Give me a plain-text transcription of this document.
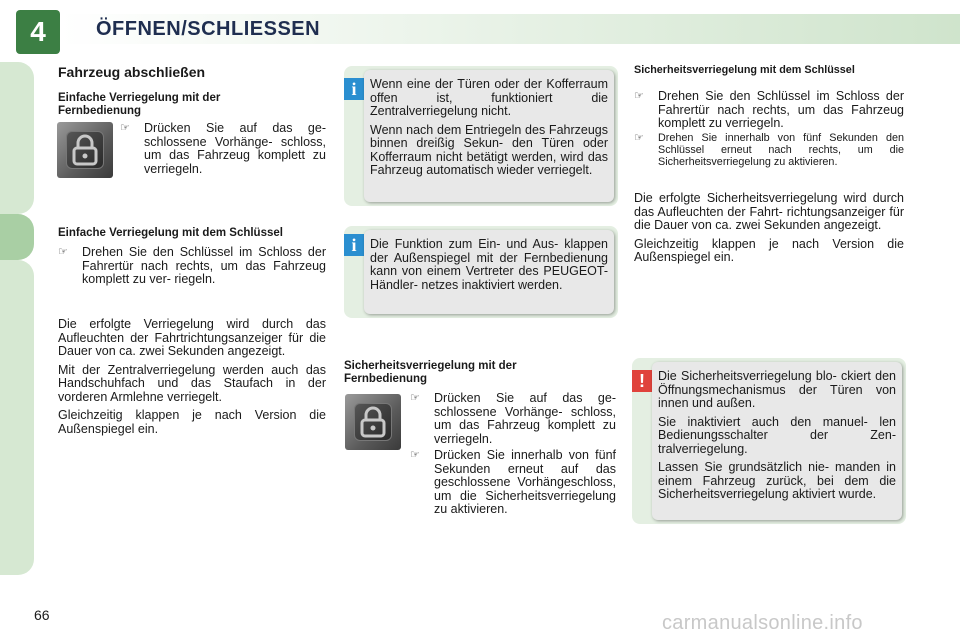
4	ÖFFNEN/SCHLIESSEN
Fahrzeug abschließen
Einfache Verriegelung mit der Fernbedienung
☞	Drücken Sie auf das ge- schlossene Vorhänge- schloss, um das Fahrzeug komplett zu verriegeln.
Einfache Verriegelung mit dem Schlüssel
☞	Drehen Sie den Schlüssel im Schloss der Fahrertür nach rechts, um das Fahrzeug komplett zu ver- riegeln.

Die erfolgte Verriegelung wird durch das Aufleuchten der Fahrtrichtungsanzeiger für die Dauer von ca. zwei Sekunden angezeigt.

Mit der Zentralverriegelung werden auch das Handschuhfach und das Staufach in der vorderen Armlehne verriegelt.

Gleichzeitig klappen je nach Version die Außenspiegel ein.

i	Wenn eine der Türen oder der Kofferraum offen ist, funktioniert die Zentralverriegelung nicht.

Wenn nach dem Entriegeln des Fahrzeugs binnen dreißig Sekun- den Türen oder Kofferraum nicht betätigt werden, wird das Fahrzeug automatisch wieder verriegelt.

i	Die Funktion zum Ein- und Aus- klappen der Außenspiegel mit der Fernbedienung kann von einem Vertreter des PEUGEOT-Händler- netzes inaktiviert werden.
Sicherheitsverriegelung mit der Fernbedienung
☞	Drücken Sie auf das ge- schlossene Vorhänge- schloss, um das Fahrzeug komplett zu verriegeln.
☞	Drücken Sie innerhalb von fünf Sekunden erneut auf das geschlossene Vorhängeschloss, um die Sicherheitsverriegelung zu aktivieren.
Sicherheitsverriegelung mit dem Schlüssel
☞	Drehen Sie den Schlüssel im Schloss der Fahrertür nach rechts, um das Fahrzeug komplett zu verriegeln.
☞	Drehen Sie innerhalb von fünf Sekunden den Schlüssel erneut nach rechts, um die Sicherheitsverriegelung zu aktivieren.

Die erfolgte Sicherheitsverriegelung wird durch das Aufleuchten der Fahrt- richtungsanzeiger für die Dauer von ca. zwei Sekunden angezeigt.

Gleichzeitig klappen je nach Version die Außenspiegel ein.

!	Die Sicherheitsverriegelung blo- ckiert den Öffnungsmechanismus der Türen von innen und außen.

Sie inaktiviert auch den manuel- len Bedienungsschalter der Zen- tralverriegelung.

Lassen Sie grundsätzlich nie- manden in einem Fahrzeug zurück, bei dem die Sicherheitsverriegelung aktiviert wurde.

66	carmanualsonline.info
